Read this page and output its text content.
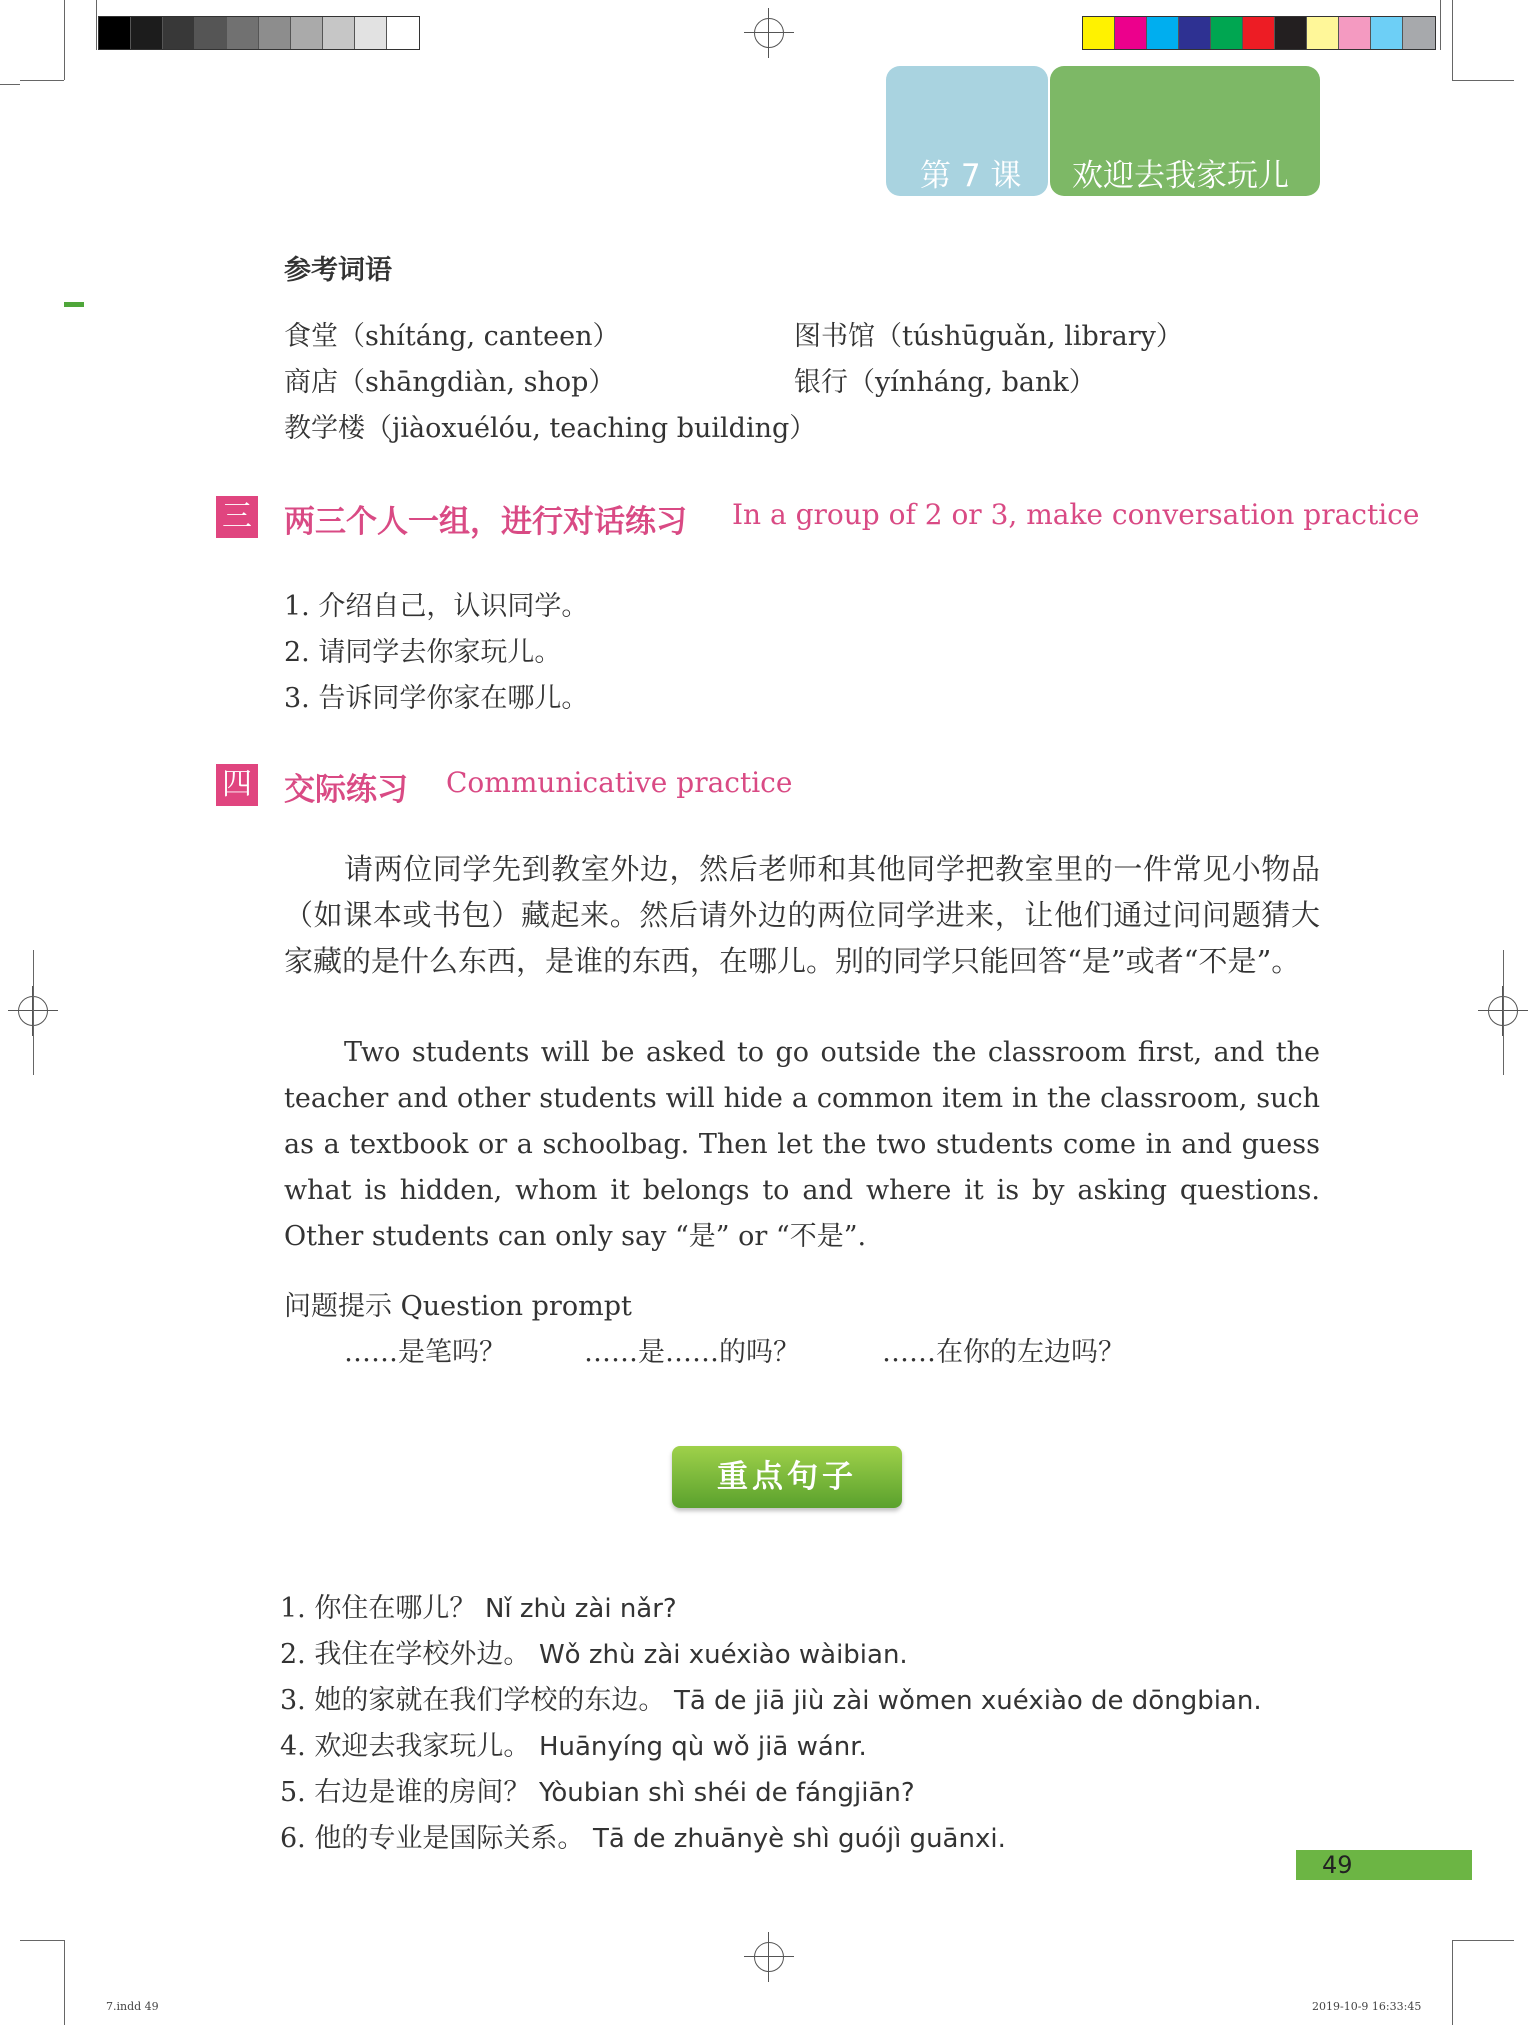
第 7 课	欢迎去我家玩儿
参考词语
食堂（shítáng, canteen）	图书馆（túshūguǎn, library）
商店（shāngdiàn, shop）	银行（yínháng, bank）
教学楼（jiàoxuélóu, teaching building）
三 两三个人一组，进行对话练习 In a group of 2 or 3, make conversation practice
1. 介绍自己，认识同学。
2. 请同学去你家玩儿。
3. 告诉同学你家在哪儿。
四 交际练习 Communicative practice

请两位同学先到教室外边，然后老师和其他同学把教室里的一件常见小物品（如课本或书包）藏起来。然后请外边的两位同学进来，让他们通过问问题猜大家藏的是什么东西，是谁的东西，在哪儿。别的同学只能回答“是”或者“不是”。

Two students will be asked to go outside the classroom first, and the teacher and other students will hide a common item in the classroom, such as a textbook or a schoolbag. Then let the two students come in and guess what is hidden, whom it belongs to and where it is by asking questions. Other students can only say “是” or “不是”.
问题提示 Question prompt
……是笔吗？	……是……的吗？	……在你的左边吗？
重点句子
1. 你住在哪儿？ Nǐ zhù zài nǎr?
2. 我住在学校外边。 Wǒ zhù zài xuéxiào wàibian.
3. 她的家就在我们学校的东边。 Tā de jiā jiù zài wǒmen xuéxiào de dōngbian.
4. 欢迎去我家玩儿。 Huānyíng qù wǒ jiā wánr.
5. 右边是谁的房间？ Yòubian shì shéi de fángjiān?
6. 他的专业是国际关系。 Tā de zhuānyè shì guójì guānxi.
49
7.indd 49	2019-10-9 16:33:45
